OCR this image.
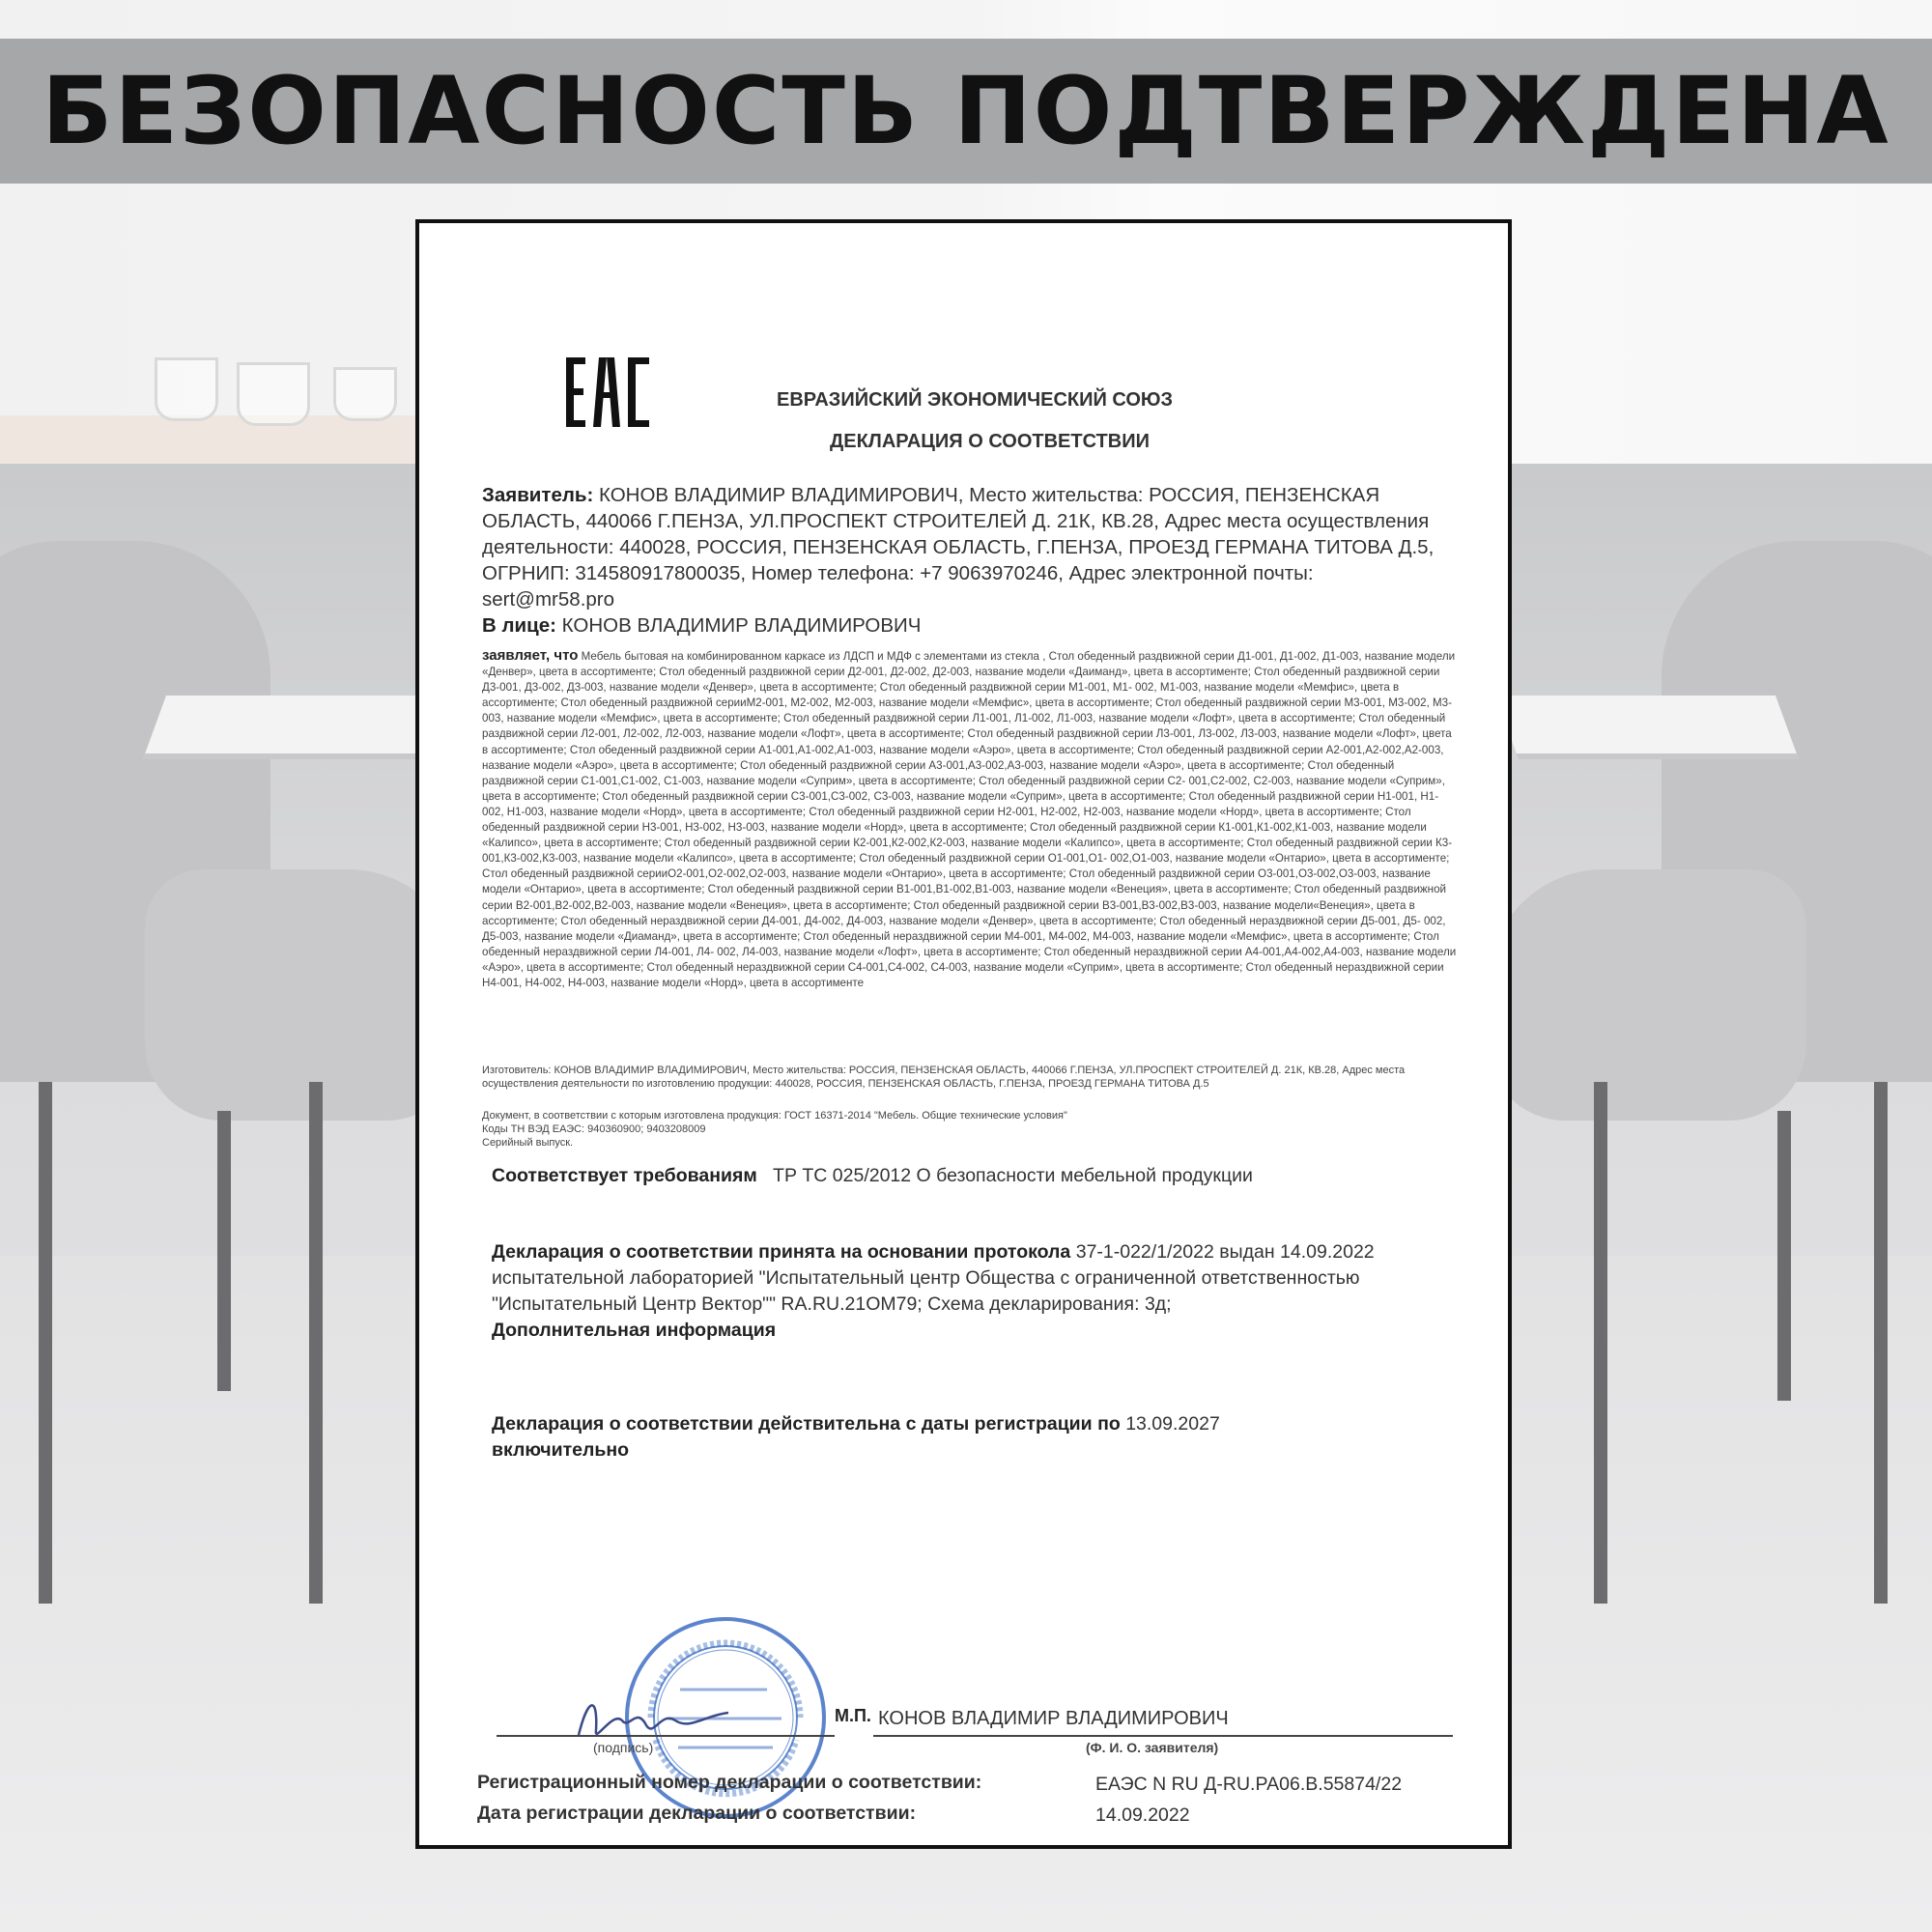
БЕЗОПАСНОСТЬ ПОДТВЕРЖДЕНА
ЕВРАЗИЙСКИЙ ЭКОНОМИЧЕСКИЙ СОЮЗ
ДЕКЛАРАЦИЯ О СООТВЕТСТВИИ
Заявитель: КОНОВ ВЛАДИМИР ВЛАДИМИРОВИЧ, Место жительства: РОССИЯ, ПЕНЗЕНСКАЯ ОБЛАСТЬ, 440066 Г.ПЕНЗА, УЛ.ПРОСПЕКТ СТРОИТЕЛЕЙ Д. 21К, КВ.28, Адрес места осуществления деятельности: 440028, РОССИЯ, ПЕНЗЕНСКАЯ ОБЛАСТЬ, Г.ПЕНЗА, ПРОЕЗД ГЕРМАНА ТИТОВА Д.5, ОГРНИП: 314580917800035, Номер телефона: +7 9063970246, Адрес электронной почты: sert@mr58.pro
В лице: КОНОВ ВЛАДИМИР ВЛАДИМИРОВИЧ
заявляет, что Мебель бытовая на комбинированном каркасе из ЛДСП и МДФ с элементами из стекла , Стол обеденный раздвижной серии Д1-001, Д1-002, Д1-003, название модели «Денвер», цвета в ассортименте; Стол обеденный раздвижной серии Д2-001, Д2-002, Д2-003, название модели «Даиманд», цвета в ассортименте; Стол обеденный раздвижной серии Д3-001, Д3-002, Д3-003, название модели «Денвер», цвета в ассортименте; Стол обеденный раздвижной серии М1-001, М1- 002, М1-003, название модели «Мемфис», цвета в ассортименте; Стол обеденный раздвижной серииМ2-001, М2-002, М2-003, название модели «Мемфис», цвета в ассортименте; Стол обеденный раздвижной серии М3-001, М3-002, М3-003, название модели «Мемфис», цвета в ассортименте; Стол обеденный раздвижной серии Л1-001, Л1-002, Л1-003, название модели «Лофт», цвета в ассортименте; Стол обеденный раздвижной серии Л2-001, Л2-002, Л2-003, название модели «Лофт», цвета в ассортименте; Стол обеденный раздвижной серии Л3-001, Л3-002, Л3-003, название модели «Лофт», цвета в ассортименте; Стол обеденный раздвижной серии А1-001,А1-002,А1-003, название модели «Аэро», цвета в ассортименте; Стол обеденный раздвижной серии А2-001,А2-002,А2-003, название модели «Аэро», цвета в ассортименте; Стол обеденный раздвижной серии А3-001,А3-002,А3-003, название модели «Аэро», цвета в ассортименте; Стол обеденный раздвижной серии С1-001,С1-002, С1-003, название модели «Суприм», цвета в ассортименте; Стол обеденный раздвижной серии С2- 001,С2-002, С2-003, название модели «Суприм», цвета в ассортименте; Стол обеденный раздвижной серии С3-001,С3-002, С3-003, название модели «Суприм», цвета в ассортименте; Стол обеденный раздвижной серии Н1-001, Н1-002, Н1-003, название модели «Норд», цвета в ассортименте; Стол обеденный раздвижной серии Н2-001, Н2-002, Н2-003, название модели «Норд», цвета в ассортименте; Стол обеденный раздвижной серии Н3-001, Н3-002, Н3-003, название модели «Норд», цвета в ассортименте; Стол обеденный раздвижной серии К1-001,К1-002,К1-003, название модели «Калипсо», цвета в ассортименте; Стол обеденный раздвижной серии К2-001,К2-002,К2-003, название модели «Калипсо», цвета в ассортименте; Стол обеденный раздвижной серии К3-001,К3-002,К3-003, название модели «Калипсо», цвета в ассортименте; Стол обеденный раздвижной серии О1-001,О1- 002,О1-003, название модели «Онтарио», цвета в ассортименте; Стол обеденный раздвижной серииО2-001,О2-002,О2-003, название модели «Онтарио», цвета в ассортименте; Стол обеденный раздвижной серии О3-001,О3-002,О3-003, название модели «Онтарио», цвета в ассортименте; Стол обеденный раздвижной серии В1-001,В1-002,В1-003, название модели «Венеция», цвета в ассортименте; Стол обеденный раздвижной серии В2-001,В2-002,В2-003, название модели «Венеция», цвета в ассортименте; Стол обеденный раздвижной серии В3-001,В3-002,В3-003, название модели«Венеция», цвета в ассортименте; Стол обеденный нераздвижной серии Д4-001, Д4-002, Д4-003, название модели «Денвер», цвета в ассортименте; Стол обеденный нераздвижной серии Д5-001, Д5- 002, Д5-003, название модели «Диаманд», цвета в ассортименте; Стол обеденный нераздвижной серии М4-001, М4-002, М4-003, название модели «Мемфис», цвета в ассортименте; Стол обеденный нераздвижной серии Л4-001, Л4- 002, Л4-003, название модели «Лофт», цвета в ассортименте; Стол обеденный нераздвижной серии А4-001,А4-002,А4-003, название модели «Аэро», цвета в ассортименте; Стол обеденный нераздвижной серии С4-001,С4-002, С4-003, название модели «Суприм», цвета в ассортименте; Стол обеденный нераздвижной серии Н4-001, Н4-002, Н4-003, название модели «Норд», цвета в ассортименте
Изготовитель: КОНОВ ВЛАДИМИР ВЛАДИМИРОВИЧ, Место жительства: РОССИЯ, ПЕНЗЕНСКАЯ ОБЛАСТЬ, 440066 Г.ПЕНЗА, УЛ.ПРОСПЕКТ СТРОИТЕЛЕЙ Д. 21К, КВ.28, Адрес места осуществления деятельности по изготовлению продукции: 440028, РОССИЯ, ПЕНЗЕНСКАЯ ОБЛАСТЬ, Г.ПЕНЗА, ПРОЕЗД ГЕРМАНА ТИТОВА Д.5
Документ, в соответствии с которым изготовлена продукция: ГОСТ 16371-2014 "Мебель. Общие технические условия"
Коды ТН ВЭД ЕАЭС: 940360900; 9403208009
Серийный выпуск.
Соответствует требованиям ТР ТС 025/2012 О безопасности мебельной продукции
Декларация о соответствии принята на основании протокола 37-1-022/1/2022 выдан 14.09.2022 испытательной лабораторией "Испытательный центр Общества с ограниченной ответственностью "Испытательный Центр Вектор"" RA.RU.21ОМ79; Схема декларирования: 3д;
Дополнительная информация
Декларация о соответствии действительна с даты регистрации по 13.09.2027
включительно
М.П. КОНОВ ВЛАДИМИР ВЛАДИМИРОВИЧ
(подпись)	(Ф. И. О. заявителя)
Регистрационный номер декларации о соответствии:	ЕАЭС N RU Д-RU.РА06.В.55874/22
Дата регистрации декларации о соответствии:	14.09.2022
